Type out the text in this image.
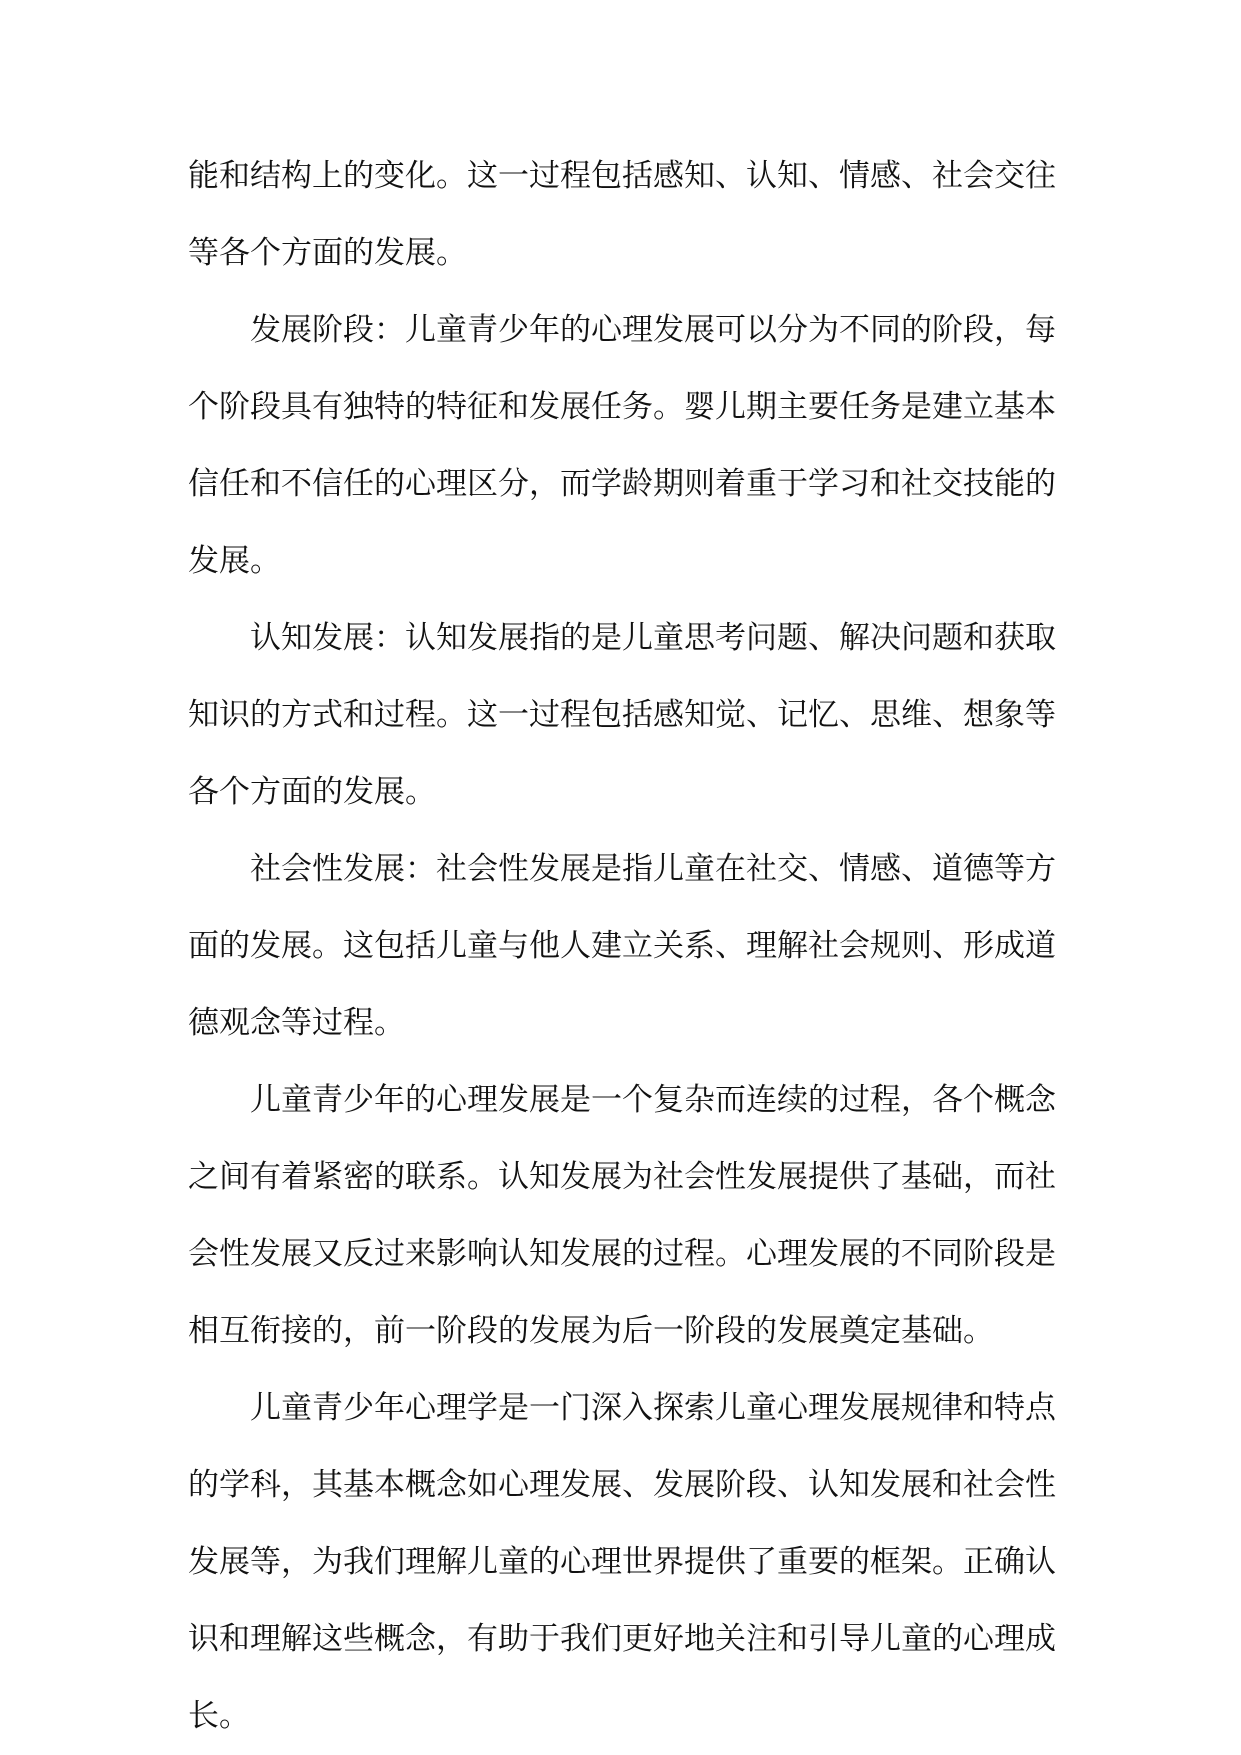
能和结构上的变化。这一过程包括感知、认知、情感、社会交往等各个方面的发展。

发展阶段：儿童青少年的心理发展可以分为不同的阶段，每个阶段具有独特的特征和发展任务。婴儿期主要任务是建立基本信任和不信任的心理区分，而学龄期则着重于学习和社交技能的发展。

认知发展：认知发展指的是儿童思考问题、解决问题和获取知识的方式和过程。这一过程包括感知觉、记忆、思维、想象等各个方面的发展。

社会性发展：社会性发展是指儿童在社交、情感、道德等方面的发展。这包括儿童与他人建立关系、理解社会规则、形成道德观念等过程。

儿童青少年的心理发展是一个复杂而连续的过程，各个概念之间有着紧密的联系。认知发展为社会性发展提供了基础，而社会性发展又反过来影响认知发展的过程。心理发展的不同阶段是相互衔接的，前一阶段的发展为后一阶段的发展奠定基础。

儿童青少年心理学是一门深入探索儿童心理发展规律和特点的学科，其基本概念如心理发展、发展阶段、认知发展和社会性发展等，为我们理解儿童的心理世界提供了重要的框架。正确认识和理解这些概念，有助于我们更好地关注和引导儿童的心理成长。
